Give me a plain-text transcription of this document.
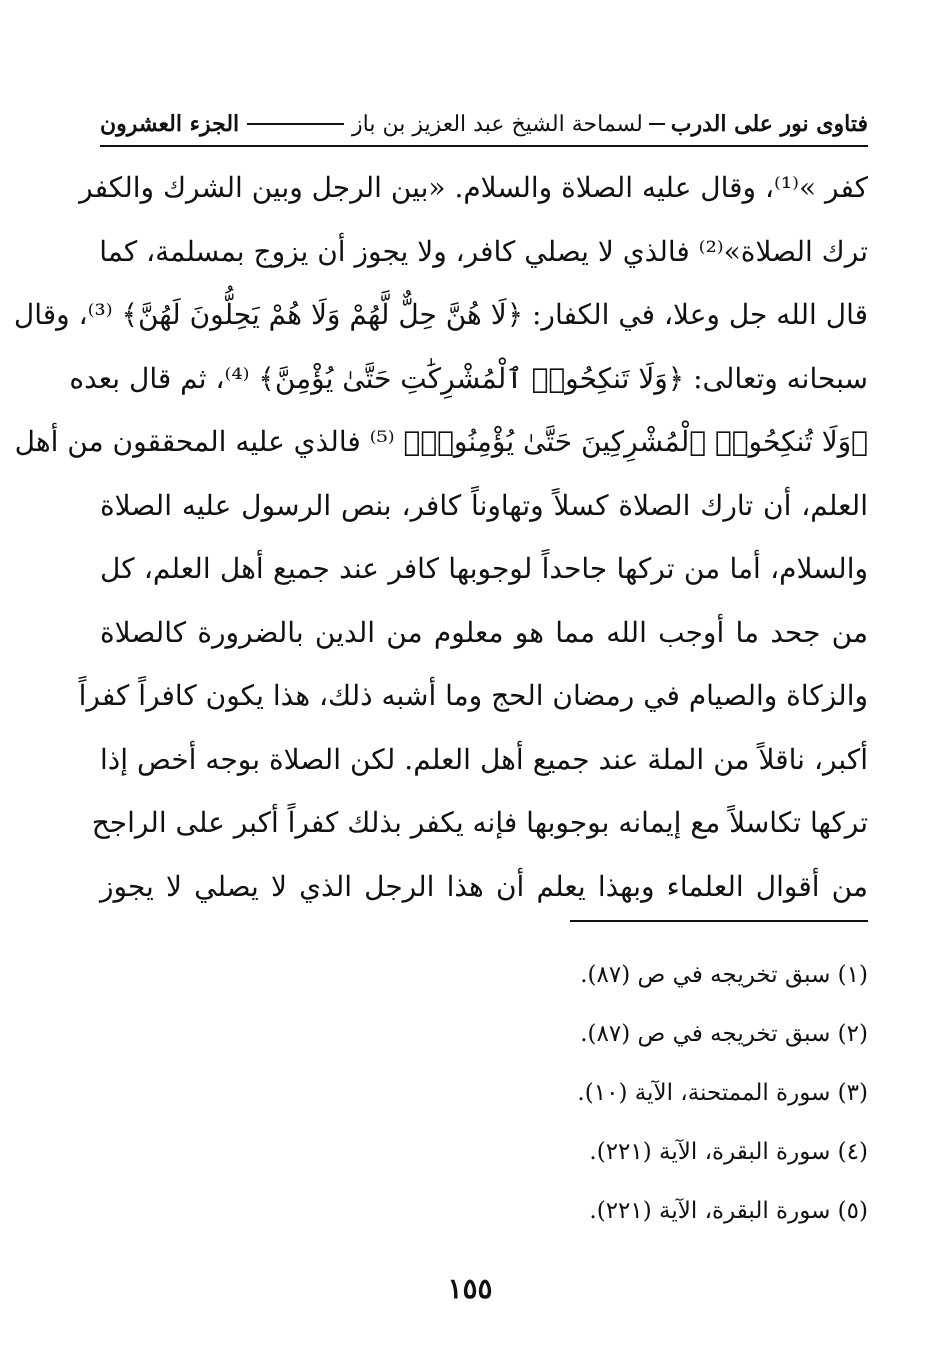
فتاوى نور على الدرب
لسماحة الشيخ عبد العزيز بن باز
الجزء العشرون
كفر »⁽¹⁾، وقال عليه الصلاة والسلام. «بين الرجل وبين الشرك والكفر
ترك الصلاة»⁽²⁾ فالذي لا يصلي كافر، ولا يجوز أن يزوج بمسلمة، كما
قال الله جل وعلا، في الكفار: ﴿لَا هُنَّ حِلٌّ لَّهُمْ وَلَا هُمْ يَحِلُّونَ لَهُنَّ﴾ ⁽³⁾، وقال
سبحانه وتعالى: ﴿وَلَا تَنكِحُوا۟ ٱلْمُشْرِكَٰتِ حَتَّىٰ يُؤْمِنَّ﴾ ⁽⁴⁾، ثم قال بعده
﴿وَلَا تُنكِحُوا۟ ٱلْمُشْرِكِينَ حَتَّىٰ يُؤْمِنُوا۟﴾ ⁽⁵⁾ فالذي عليه المحققون من أهل
العلم، أن تارك الصلاة كسلاً وتهاوناً كافر، بنص الرسول عليه الصلاة
والسلام، أما من تركها جاحداً لوجوبها كافر عند جميع أهل العلم، كل
من جحد ما أوجب الله مما هو معلوم من الدين بالضرورة كالصلاة
والزكاة والصيام في رمضان الحج وما أشبه ذلك، هذا يكون كافراً كفراً
أكبر، ناقلاً من الملة عند جميع أهل العلم. لكن الصلاة بوجه أخص إذا
تركها تكاسلاً مع إيمانه بوجوبها فإنه يكفر بذلك كفراً أكبر على الراجح
من أقوال العلماء وبهذا يعلم أن هذا الرجل الذي لا يصلي لا يجوز
(١) سبق تخريجه في ص (٨٧).
(٢) سبق تخريجه في ص (٨٧).
(٣) سورة الممتحنة، الآية (١٠).
(٤) سورة البقرة، الآية (٢٢١).
(٥) سورة البقرة، الآية (٢٢١).
١٥٥
